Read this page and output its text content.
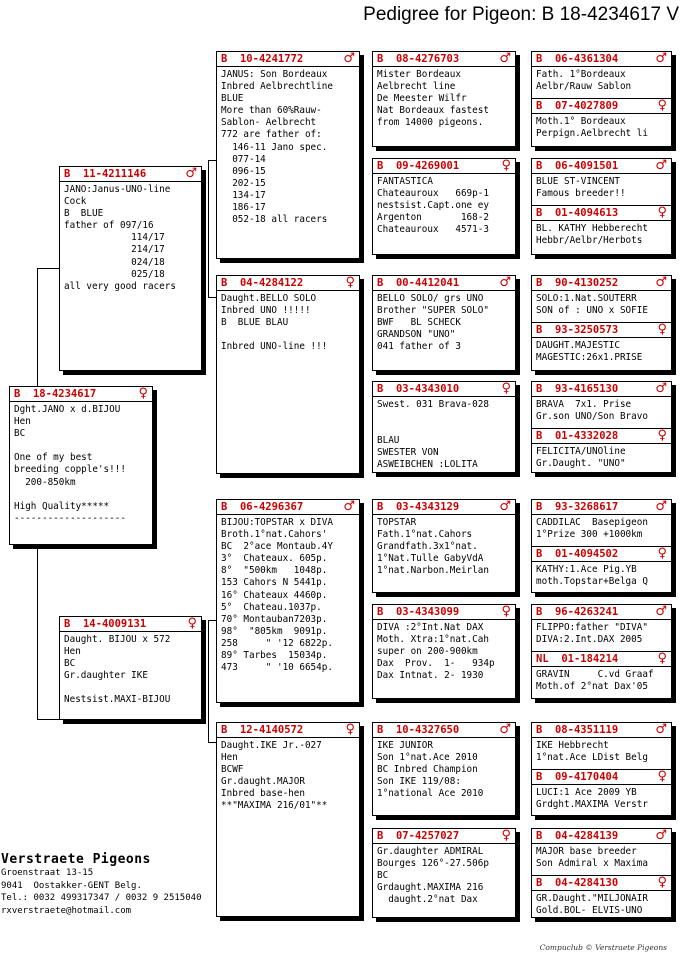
Pedigree for Pigeon: B 18-4234617 V
B 18-4234617	♀
Dght.JANO x d.BIJOU
Hen
BC

One of my best
breeding copple's!!!
200-850km

High Quality*****
--------------------
B 11-4211146	♂
JANO:Janus-UNO-line
Cock
B  BLUE
father of 097/16
114/17
214/17
024/18
025/18
all very good racers
B 14-4009131	♀
Daught. BIJOU x 572
Hen
BC
Gr.daughter IKE

Nestsist.MAXI-BIJOU
B 10-4241772	♂
JANUS: Son Bordeaux
Inbred Aelbrechtline
BLUE
More than 60%Rauw-
Sablon- Aelbrecht
772 are father of:
146-11 Jano spec.
077-14
096-15
202-15
134-17
186-17
052-18 all racers
B 04-4284122	♀
Daught.BELLO SOLO
Inbred UNO !!!!!
B  BLUE BLAU

Inbred UNO-line !!!
B 06-4296367	♂
BIJOU:TOPSTAR x DIVA
Broth.1°nat.Cahors'
BC  2°ace Montaub.4Y
3°  Chateaux. 605p.
8°  "500km   1048p.
153 Cahors N 5441p.
16° Chateaux 4460p.
5°  Chateau.1037p.
70° Montauban7203p.
98°  "805km  9091p.
258     " '12 6822p.
89° Tarbes  15034p.
473     " '10 6654p.
B 12-4140572	♀
Daught.IKE Jr.-027
Hen
BCWF
Gr.daught.MAJOR
Inbred base-hen
**"MAXIMA 216/01"**
B 08-4276703	♂
Mister Bordeaux
Aelbrecht line
De Meester Wilfr
Nat Bordeaux fastest
from 14000 pigeons.
B 09-4269001	♀
FANTASTICA
Chateauroux   669p-1
nestsist.Capt.one ey
Argenton       168-2
Chateauroux   4571-3
B 00-4412041	♂
BELLO SOLO/ grs UNO
Brother "SUPER SOLO"
BWF   BL SCHECK
GRANDSON "UNO"
041 father of 3
B 03-4343010	♀
Swest. 031 Brava-028

BLAU
SWESTER VON
ASWEIBCHEN :LOLITA
B 03-4343129	♂
TOPSTAR
Fath.1°nat.Cahors
Grandfath.3x1°nat.
1°Nat.Tulle GabyVdA
1°nat.Narbon.Meirlan
B 03-4343099	♀
DIVA :2°Int.Nat DAX
Moth. Xtra:1°nat.Cah
super on 200-900km
Dax  Prov.  1-   934p
Dax Intnat. 2- 1930
B 10-4327650	♂
IKE JUNIOR
Son 1°nat.Ace 2010
BC Inbred Champion
Son IKE 119/08:
1°national Ace 2010
B 07-4257027	♀
Gr.daughter ADMIRAL
Bourges 126°-27.506p
BC
Grdaught.MAXIMA 216
daught.2°nat Dax
B 06-4361304	♂
Fath. 1°Bordeaux
Aelbr/Rauw Sablon
B 07-4027809	♀
Moth.1° Bordeaux
Perpign.Aelbrecht li
B 06-4091501	♂
BLUE ST-VINCENT
Famous breeder!!
B 01-4094613	♀
BL. KATHY Hebberecht
Hebbr/Aelbr/Herbots
B 90-4130252	♂
SOLO:1.Nat.SOUTERR
SON of : UNO x SOFIE
B 93-3250573	♀
DAUGHT.MAJESTIC
MAGESTIC:26x1.PRISE
B 93-4165130	♂
BRAVA  7x1. Prise
Gr.son UNO/Son Bravo
B 01-4332028	♀
FELICITA/UNOline
Gr.Daught. "UNO"
B 93-3268617	♂
CADDILAC  Basepigeon
1°Prize 300 +1000km
B 01-4094502	♀
KATHY:1.Ace Pig.YB
moth.Topstar+Belga Q
B 96-4263241	♂
FLIPPO:father "DIVA"
DIVA:2.Int.DAX 2005
NL 01-184214	♀
GRAVIN     C.vd Graaf
Moth.of 2°nat Dax'05
B 08-4351119	♂
IKE Hebbrecht
1°nat.Ace LDist Belg
B 09-4170404	♀
LUCI:1 Ace 2009 YB
Grdght.MAXIMA Verstr
B 04-4284139	♂
MAJOR base breeder
Son Admiral x Maxima
B 04-4284130	♀
GR.Daught."MILJONAIR
Gold.BOL- ELVIS-UNO
Verstraete Pigeons
Groenstraat 13-15
9041  Oostakker-GENT Belg.
Tel.: 0032 499317347 / 0032 9 2515040
rxverstraete@hotmail.com
Compuclub © Verstraete Pigeons
